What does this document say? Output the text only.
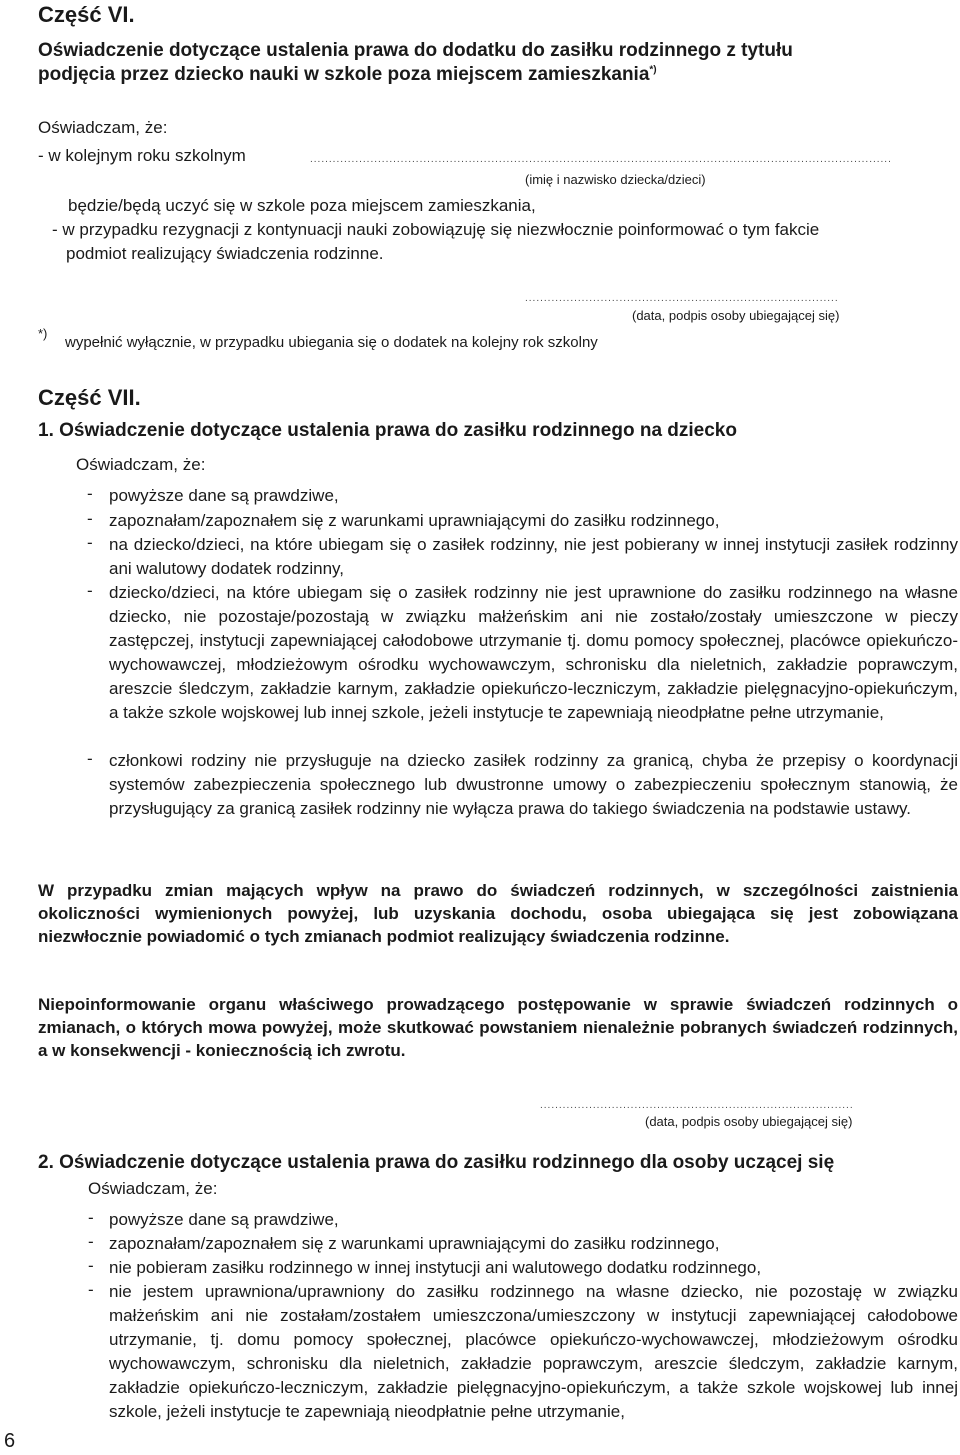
Część VI.
Oświadczenie dotyczące ustalenia prawa do dodatku do zasiłku rodzinnego z tytułu
podjęcia przez dziecko nauki w szkole poza miejscem zamieszkania*)
Oświadczam, że:
- w kolejnym roku szkolnym	..........................................................................................................................................................
(imię i nazwisko dziecka/dzieci)
będzie/będą uczyć się w szkole poza miejscem zamieszkania,
- w przypadku rezygnacji z kontynuacji nauki zobowiązuję się niezwłocznie poinformować o tym fakcie
podmiot realizujący świadczenia rodzinne.
...................................................................................
(data, podpis osoby ubiegającej się)
*)
wypełnić wyłącznie, w przypadku ubiegania się o dodatek na kolejny rok szkolny
Część VII.
1. Oświadczenie dotyczące ustalenia prawa do zasiłku rodzinnego na dziecko
Oświadczam, że:
- powyższe dane są prawdziwe,
- zapoznałam/zapoznałem się z warunkami uprawniającymi do zasiłku rodzinnego,
- na dziecko/dzieci, na które ubiegam się o zasiłek rodzinny, nie jest pobierany w innej instytucji zasiłek rodzinny ani walutowy dodatek rodzinny,
- dziecko/dzieci, na które ubiegam się o zasiłek rodzinny nie jest uprawnione do zasiłku rodzinnego na własne dziecko, nie pozostaje/pozostają w związku małżeńskim ani nie zostało/zostały umieszczone w pieczy zastępczej, instytucji zapewniającej całodobowe utrzymanie tj. domu pomocy społecznej, placówce opiekuńczo-wychowawczej, młodzieżowym ośrodku wychowawczym, schronisku dla nieletnich, zakładzie poprawczym, areszcie śledczym, zakładzie karnym, zakładzie opiekuńczo-leczniczym, zakładzie pielęgnacyjno-opiekuńczym, a także szkole wojskowej lub innej szkole, jeżeli instytucje te zapewniają nieodpłatne pełne utrzymanie,
- członkowi rodziny nie przysługuje na dziecko zasiłek rodzinny za granicą, chyba że przepisy o koordynacji systemów zabezpieczenia społecznego lub dwustronne umowy o zabezpieczeniu społecznym stanowią, że przysługujący za granicą zasiłek rodzinny nie wyłącza prawa do takiego świadczenia na podstawie ustawy.
W przypadku zmian mających wpływ na prawo do świadczeń rodzinnych, w szczególności zaistnienia okoliczności wymienionych powyżej, lub uzyskania dochodu, osoba ubiegająca się jest zobowiązana niezwłocznie powiadomić o tych zmianach podmiot realizujący świadczenia rodzinne.
Niepoinformowanie organu właściwego prowadzącego postępowanie w sprawie świadczeń rodzinnych o zmianach, o których mowa powyżej, może skutkować powstaniem nienależnie pobranych świadczeń rodzinnych, a w konsekwencji - koniecznością ich zwrotu.
...................................................................................
(data, podpis osoby ubiegającej się)
2. Oświadczenie dotyczące ustalenia prawa do zasiłku rodzinnego dla osoby uczącej się
Oświadczam, że:
- powyższe dane są prawdziwe,
- zapoznałam/zapoznałem się z warunkami uprawniającymi do zasiłku rodzinnego,
- nie pobieram zasiłku rodzinnego w innej instytucji ani walutowego dodatku rodzinnego,
- nie jestem uprawniona/uprawniony do zasiłku rodzinnego na własne dziecko, nie pozostaję w związku małżeńskim ani nie zostałam/zostałem umieszczona/umieszczony w instytucji zapewniającej całodobowe utrzymanie, tj. domu pomocy społecznej, placówce opiekuńczo-wychowawczej, młodzieżowym ośrodku wychowawczym, schronisku dla nieletnich, zakładzie poprawczym, areszcie śledczym, zakładzie karnym, zakładzie opiekuńczo-leczniczym, zakładzie pielęgnacyjno-opiekuńczym, a także szkole wojskowej lub innej szkole, jeżeli instytucje te zapewniają nieodpłatnie pełne utrzymanie,
6
